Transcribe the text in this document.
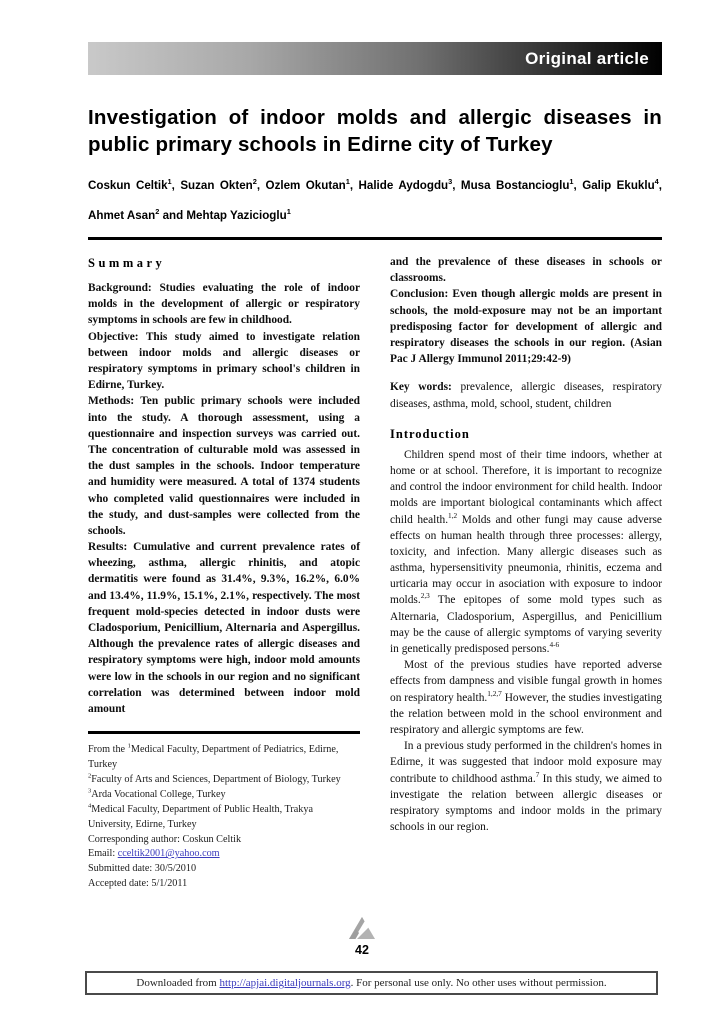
Original article
Investigation of indoor molds and allergic diseases in public primary schools in Edirne city of Turkey

Coskun Celtik$^1$, Suzan Okten$^2$, Ozlem Okutan$^1$, Halide Aydogdu$^3$, Musa Bostancioglu$^1$, Galip Ekuklu$^4$, Ahmet Asan$^2$ and Mehtap Yazicioglu$^1$

Summary

Background: Studies evaluating the role of indoor molds in the development of allergic or respiratory symptoms in schools are few in childhood.

Objective: This study aimed to investigate relation between indoor molds and allergic diseases or respiratory symptoms in primary school's children in Edirne, Turkey.

Methods: Ten public primary schools were included into the study. A thorough assessment, using a questionnaire and inspection surveys was carried out. The concentration of culturable mold was assessed in the dust samples in the schools. Indoor temperature and humidity were measured. A total of 1374 students who completed valid questionnaires were included in the study, and dust-samples were collected from the schools.

Results: Cumulative and current prevalence rates of wheezing, asthma, allergic rhinitis, and atopic dermatitis were found as 31.4%, 9.3%, 16.2%, 6.0% and 13.4%, 11.9%, 15.1%, 2.1%, respectively. The most frequent mold-species detected in indoor dusts were Cladosporium, Penicillium, Alternaria and Aspergillus. Although the prevalence rates of allergic diseases and respiratory symptoms were high, indoor mold amounts were low in the schools in our region and no significant correlation was determined between indoor mold amount

From the $^1$Medical Faculty, Department of Pediatrics, Edirne, Turkey

$^2$Faculty of Arts and Sciences, Department of Biology, Turkey

$^3$Arda Vocational College, Turkey

$^4$Medical Faculty, Department of Public Health, Trakya University, Edirne, Turkey

Corresponding author: Coskun Celtik

Email: cceltik2001@yahoo.com

Submitted date: 30/5/2010

Accepted date: 5/1/2011

and the prevalence of these diseases in schools or classrooms.

Conclusion: Even though allergic molds are present in schools, the mold-exposure may not be an important predisposing factor for development of allergic and respiratory diseases the schools in our region. (Asian Pac J Allergy Immunol 2011;29:42-9)

Key words: prevalence, allergic diseases, respiratory diseases, asthma, mold, school, student, children

Introduction

Children spend most of their time indoors, whether at home or at school. Therefore, it is important to recognize and control the indoor environment for child health. Indoor molds are important biological contaminants which affect child health.$^{1,2}$ Molds and other fungi may cause adverse effects on human health through three processes: allergy, toxicity, and infection. Many allergic diseases such as asthma, hypersensitivity pneumonia, rhinitis, eczema and urticaria may occur in asociation with exposure to indoor molds.$^{2,3}$ The epitopes of some mold types such as Alternaria, Cladosporium, Aspergillus, and Penicillium may be the cause of allergic symptoms of varying severity in genetically predisposed persons.$^{4-6}$

Most of the previous studies have reported adverse effects from dampness and visible fungal growth in homes on respiratory health.$^{1,2,7}$ However, the studies investigating the relation between mold in the school environment and respiratory and allergic symptoms are few.

In a previous study performed in the children's homes in Edirne, it was suggested that indoor mold exposure may contribute to childhood asthma.$^7$ In this study, we aimed to investigate the relation between allergic diseases or respiratory symptoms and indoor molds in the primary schools in our region.

42

Downloaded from http://apjai.digitaljournals.org. For personal use only. No other uses without permission.
